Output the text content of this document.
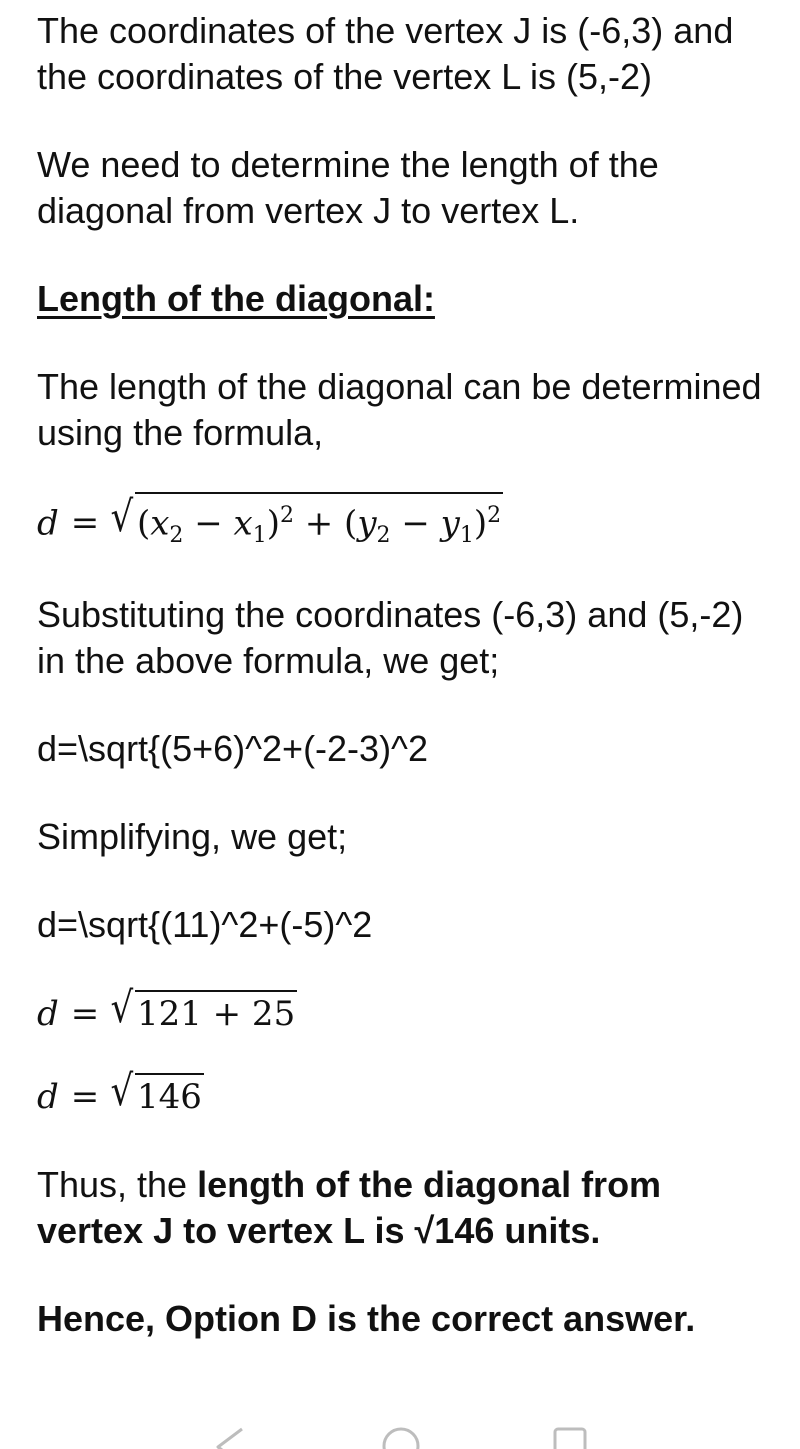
The coordinates of the vertex J is (-6,3) and the coordinates of the vertex L is (5,-2)

We need to determine the length of the diagonal from vertex J to vertex L.

Length of the diagonal:

The length of the diagonal can be determined using the formula,

d = √ $(x_2 - x_1)^2 + (y_2 - y_1)^2$

Substituting the coordinates (-6,3) and (5,-2) in the above formula, we get;

d=\sqrt{(5+6)^2+(-2-3)^2

Simplifying, we get;

d=\sqrt{(11)^2+(-5)^2

d = √ 121 + 25
d = √ 146

Thus, the length of the diagonal from vertex J to vertex L is √146 units.

Hence, Option D is the correct answer.
